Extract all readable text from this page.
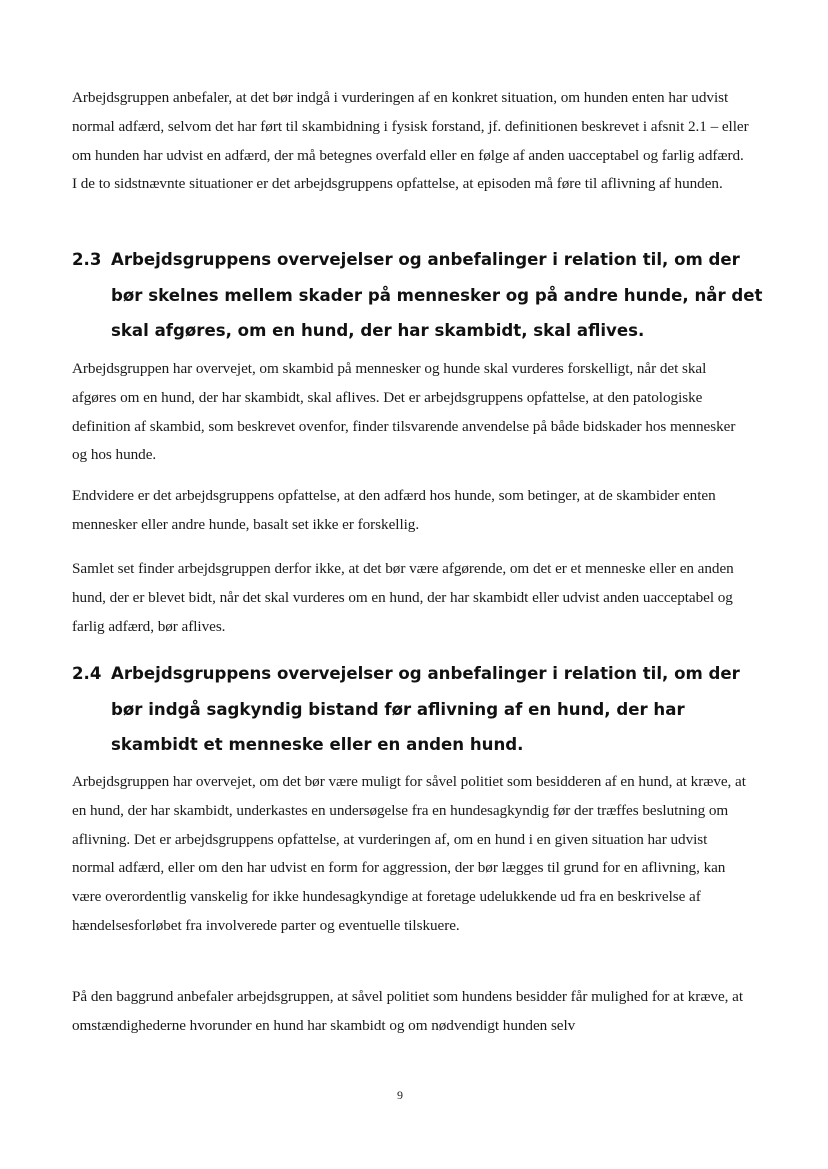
Arbejdsgruppen anbefaler, at det bør indgå i vurderingen af en konkret situation, om hunden enten har udvist normal adfærd, selvom det har ført til skambidning i fysisk forstand, jf. definitionen beskrevet i afsnit 2.1 – eller om hunden har udvist en adfærd, der må betegnes overfald eller en følge af anden uacceptabel og farlig adfærd. I de to sidstnævnte situationer er det arbejdsgruppens opfattelse, at episoden må føre til aflivning af hunden.

2.3 Arbejdsgruppens overvejelser og anbefalinger i relation til, om der bør skelnes mellem skader på mennesker og på andre hunde, når det skal afgøres, om en hund, der har skambidt, skal aflives.

Arbejdsgruppen har overvejet, om skambid på mennesker og hunde skal vurderes forskelligt, når det skal afgøres om en hund, der har skambidt, skal aflives. Det er arbejdsgruppens opfattelse, at den patologiske definition af skambid, som beskrevet ovenfor, finder tilsvarende anvendelse på både bidskader hos mennesker og hos hunde.

Endvidere er det arbejdsgruppens opfattelse, at den adfærd hos hunde, som betinger, at de skambider enten mennesker eller andre hunde, basalt set ikke er forskellig.

Samlet set finder arbejdsgruppen derfor ikke, at det bør være afgørende, om det er et menneske eller en anden hund, der er blevet bidt, når det skal vurderes om en hund, der har skambidt eller udvist anden uacceptabel og farlig adfærd, bør aflives.

2.4 Arbejdsgruppens overvejelser og anbefalinger i relation til, om der bør indgå sagkyndig bistand før aflivning af en hund, der har skambidt et menneske eller en anden hund.

Arbejdsgruppen har overvejet, om det bør være muligt for såvel politiet som besidderen af en hund, at kræve, at en hund, der har skambidt, underkastes en undersøgelse fra en hundesagkyndig før der træffes beslutning om aflivning. Det er arbejdsgruppens opfattelse, at vurderingen af, om en hund i en given situation har udvist normal adfærd, eller om den har udvist en form for aggression, der bør lægges til grund for en aflivning, kan være overordentlig vanskelig for ikke hundesagkyndige at foretage udelukkende ud fra en beskrivelse af hændelsesforløbet fra involverede parter og eventuelle tilskuere.

På den baggrund anbefaler arbejdsgruppen, at såvel politiet som hundens besidder får mulighed for at kræve, at omstændighederne hvorunder en hund har skambidt og om nødvendigt hunden selv

9
